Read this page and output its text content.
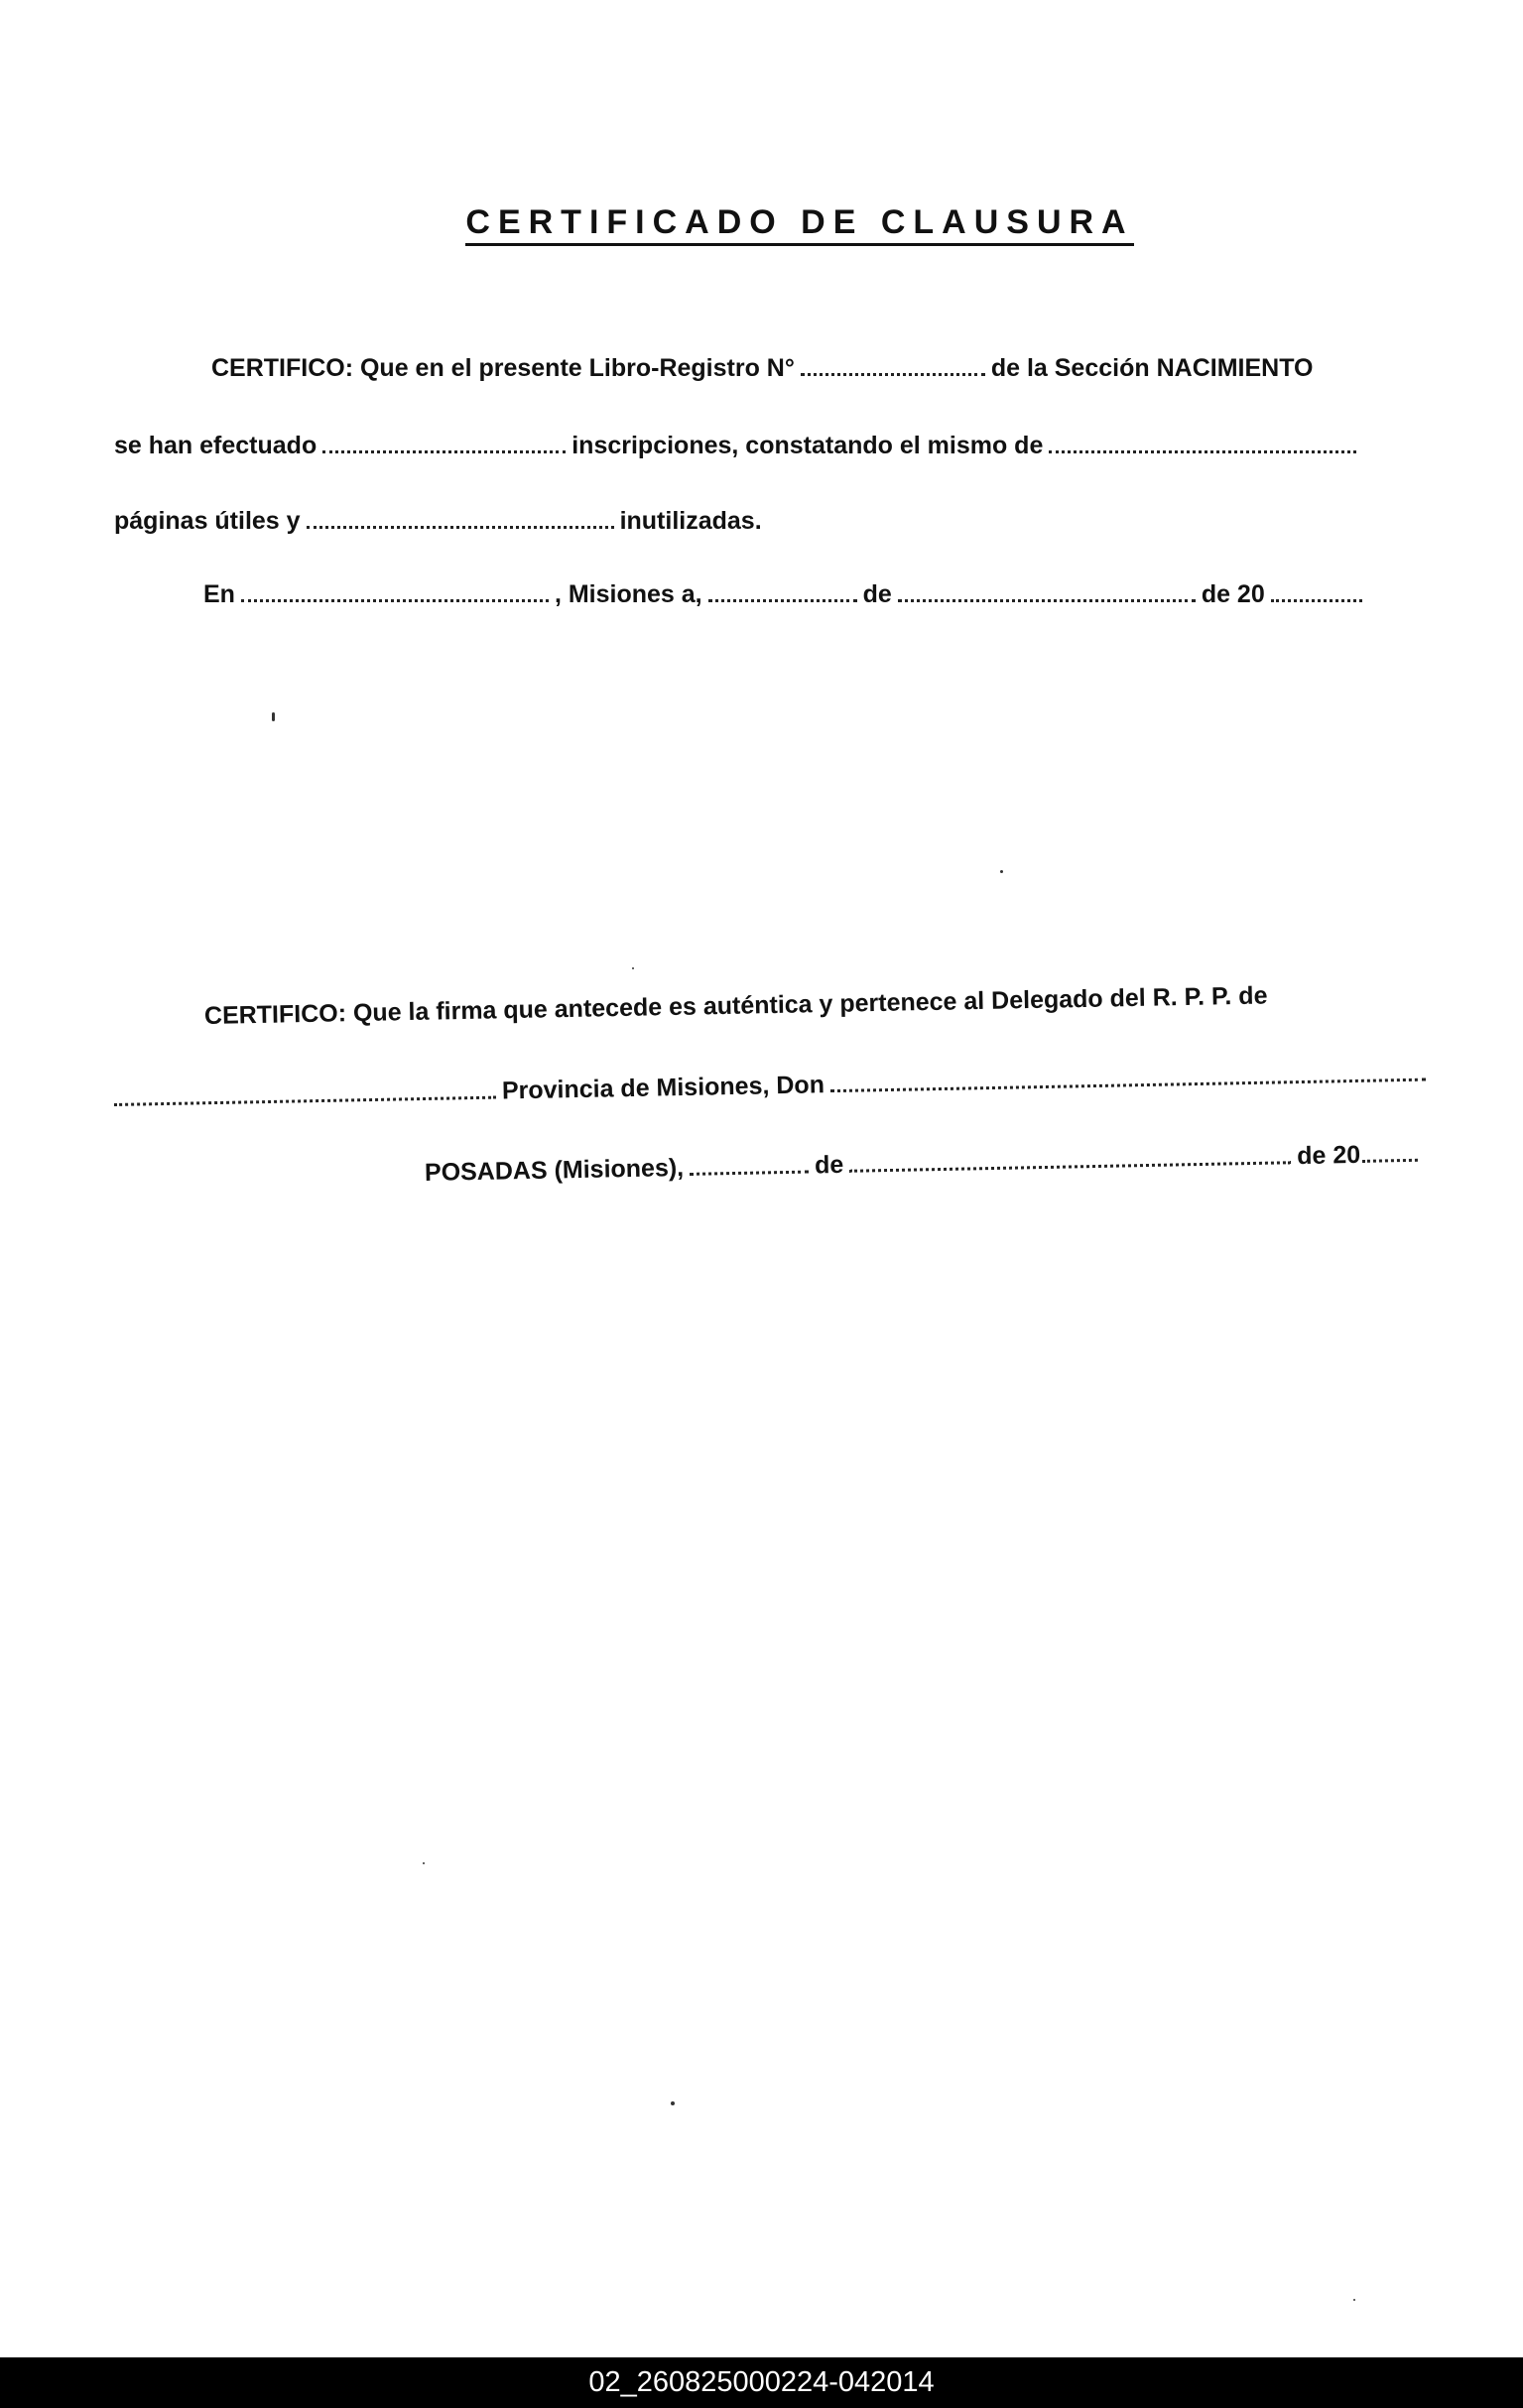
CERTIFICADO DE CLAUSURA
CERTIFICO: Que en el presente Libro-Registro N°	de la Sección NACIMIENTO
se han efectuado	inscripciones, constatando el mismo de
páginas útiles y	inutilizadas.
En	, Misiones a,	de	de 20
CERTIFICO: Que la firma que antecede es auténtica y pertenece al Delegado del R. P. P. de
Provincia de Misiones, Don
POSADAS (Misiones),	de	de 20
02_260825000224-042014
